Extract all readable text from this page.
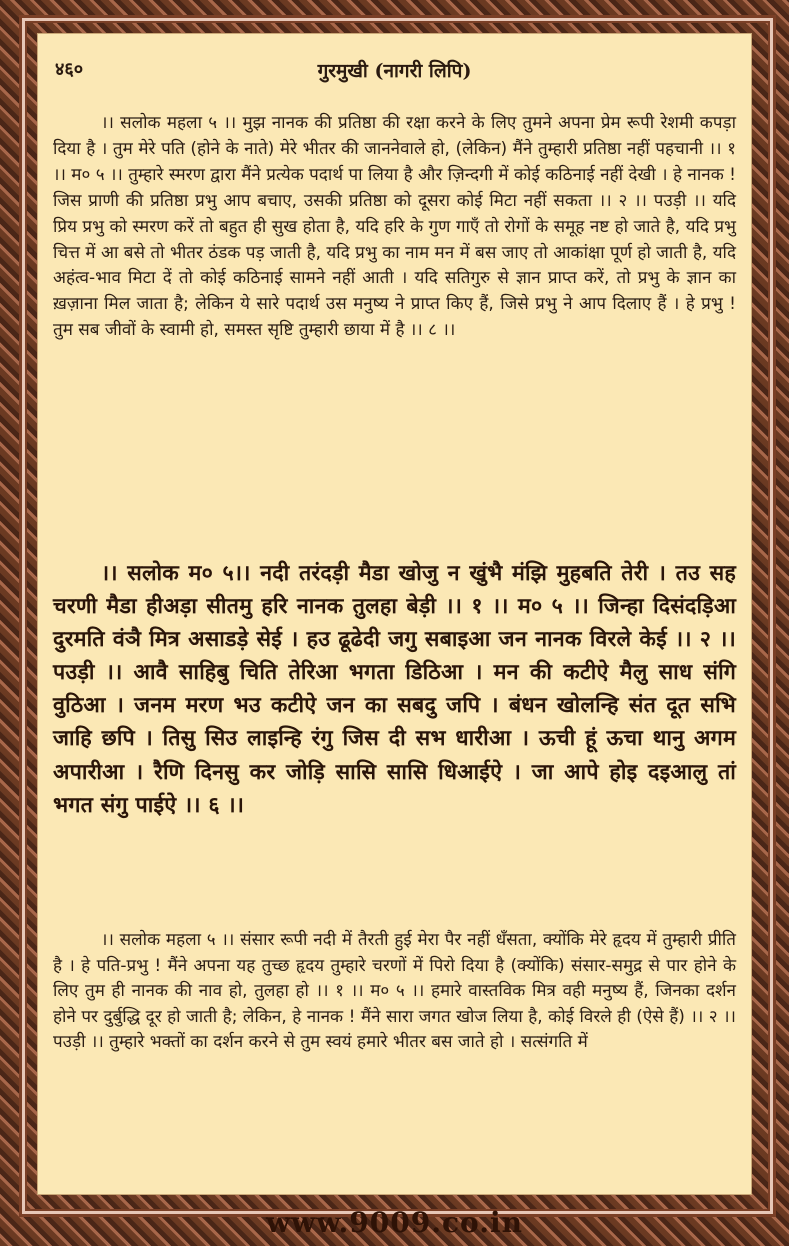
४६०	गुरमुखी (नागरी लिपि)

।। सलोक महला ५ ।। मुझ नानक की प्रतिष्ठा की रक्षा करने के लिए तुमने अपना प्रेम रूपी रेशमी कपड़ा दिया है । तुम मेरे पति (होने के नाते) मेरे भीतर की जाननेवाले हो, (लेकिन) मैंने तुम्हारी प्रतिष्ठा नहीं पहचानी ।। १ ।। म० ५ ।। तुम्हारे स्मरण द्वारा मैंने प्रत्येक पदार्थ पा लिया है और ज़िन्दगी में कोई कठिनाई नहीं देखी । हे नानक ! जिस प्राणी की प्रतिष्ठा प्रभु आप बचाए, उसकी प्रतिष्ठा को दूसरा कोई मिटा नहीं सकता ।। २ ।। पउड़ी ।। यदि प्रिय प्रभु को स्मरण करें तो बहुत ही सुख होता है, यदि हरि के गुण गाएँ तो रोगों के समूह नष्ट हो जाते है, यदि प्रभु चित्त में आ बसे तो भीतर ठंडक पड़ जाती है, यदि प्रभु का नाम मन में बस जाए तो आकांक्षा पूर्ण हो जाती है, यदि अहंत्व-भाव मिटा दें तो कोई कठिनाई सामने नहीं आती । यदि सतिगुरु से ज्ञान प्राप्त करें, तो प्रभु के ज्ञान का ख़ज़ाना मिल जाता है; लेकिन ये सारे पदार्थ उस मनुष्य ने प्राप्त किए हैं, जिसे प्रभु ने आप दिलाए हैं । हे प्रभु ! तुम सब जीवों के स्वामी हो, समस्त सृष्टि तुम्हारी छाया में है ।। ८ ।।

।। सलोक म० ५।। नदी तरंदड़ी मैडा खोजु न खुंभै मंझि मुहबति तेरी । तउ सह चरणी मैडा हीअड़ा सीतमु हरि नानक तुलहा बेड़ी ।। १ ।। म० ५ ।। जिन्हा दिसंदड़िआ दुरमति वंञै मित्र असाडड़े सेई । हउ ढूढेदी जगु सबाइआ जन नानक विरले केई ।। २ ।। पउड़ी ।। आवै साहिबु चिति तेरिआ भगता डिठिआ । मन की कटीऐ मैलु साध संगि वुठिआ । जनम मरण भउ कटीऐ जन का सबदु जपि । बंधन खोलन्हि संत दूत सभि जाहि छपि । तिसु सिउ लाइन्हि रंगु जिस दी सभ धारीआ । ऊची हूं ऊचा थानु अगम अपारीआ । रैणि दिनसु कर जोड़ि सासि सासि धिआईऐ । जा आपे होइ दइआलु तां भगत संगु पाईऐ ।। ६ ।।

।। सलोक महला ५ ।। संसार रूपी नदी में तैरती हुई मेरा पैर नहीं धँसता, क्योंकि मेरे हृदय में तुम्हारी प्रीति है । हे पति-प्रभु ! मैंने अपना यह तुच्छ हृदय तुम्हारे चरणों में पिरो दिया है (क्योंकि) संसार-समुद्र से पार होने के लिए तुम ही नानक की नाव हो, तुलहा हो ।। १ ।। म० ५ ।। हमारे वास्तविक मित्र वही मनुष्य हैं, जिनका दर्शन होने पर दुर्बुद्धि दूर हो जाती है; लेकिन, हे नानक ! मैंने सारा जगत खोज लिया है, कोई विरले ही (ऐसे हैं) ।। २ ।। पउड़ी ।। तुम्हारे भक्तों का दर्शन करने से तुम स्वयं हमारे भीतर बस जाते हो । सत्संगति में

www.9009.co.in
